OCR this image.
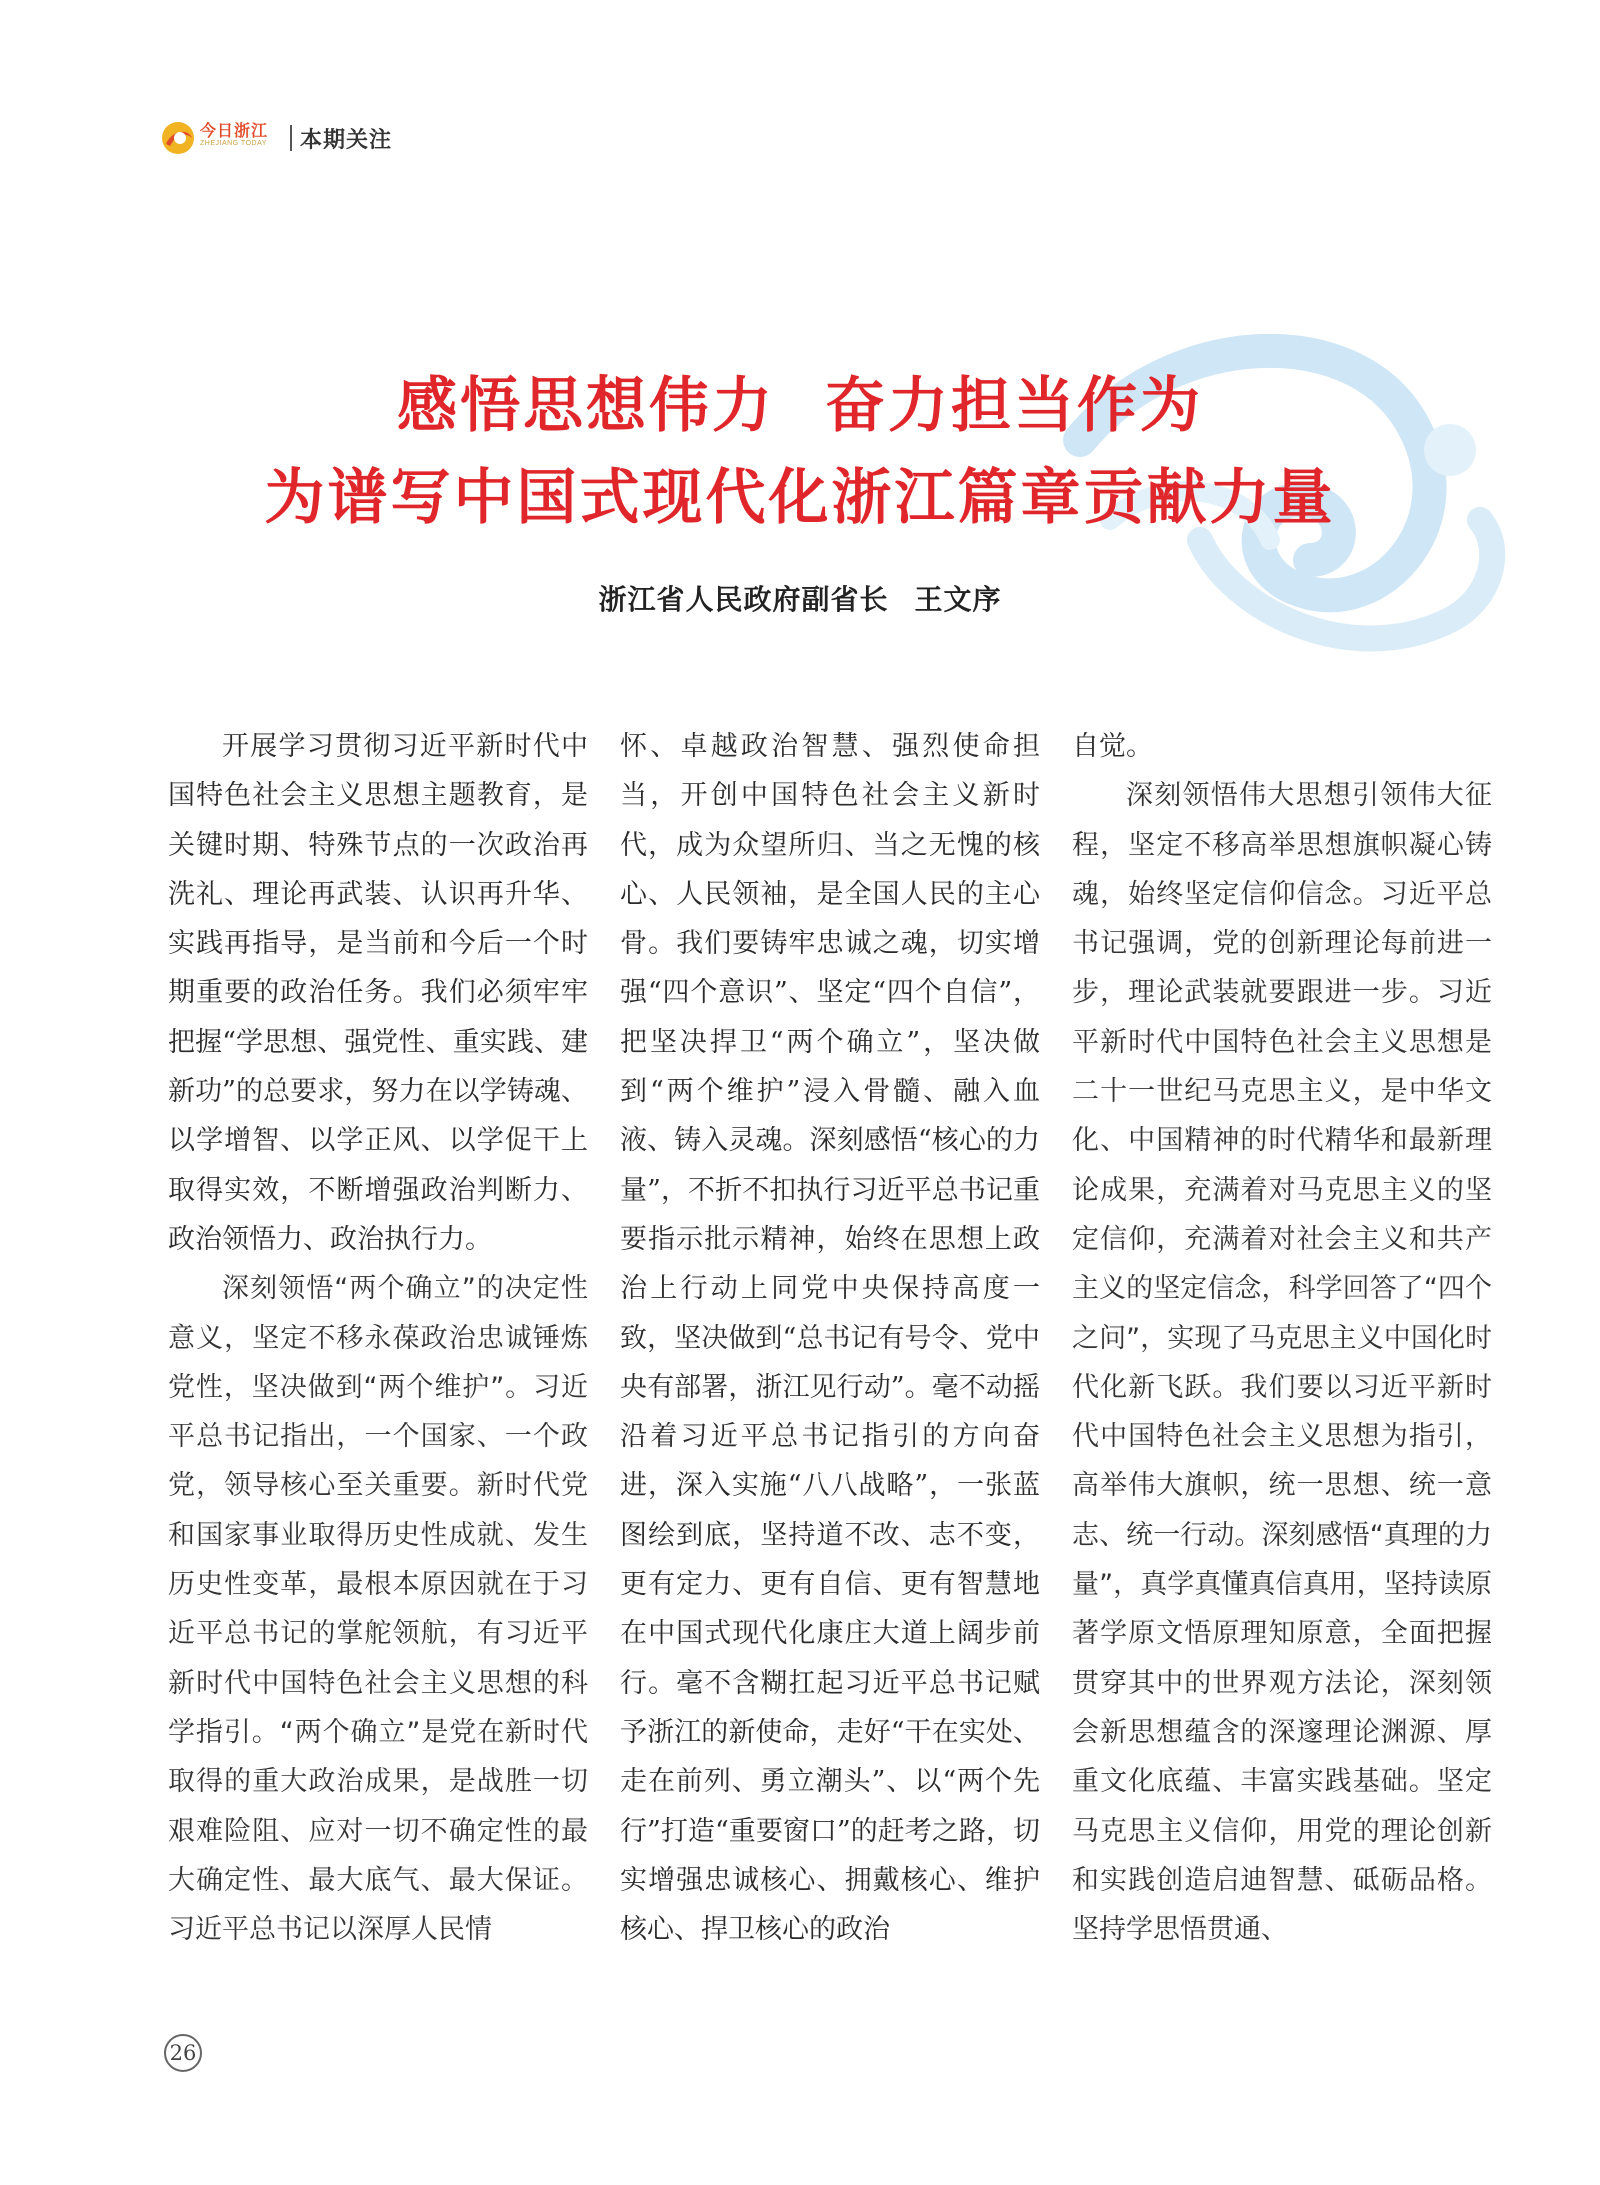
今日浙江
ZHEJIANG TODAY 本期关注
感悟思想伟力 奋力担当作为
为谱写中国式现代化浙江篇章贡献力量
浙江省人民政府副省长 王文序

开展学习贯彻习近平新时代中国特色社会主义思想主题教育，是关键时期、特殊节点的一次政治再洗礼、理论再武装、认识再升华、实践再指导，是当前和今后一个时期重要的政治任务。我们必须牢牢把握“学思想、强党性、重实践、建新功”的总要求，努力在以学铸魂、以学增智、以学正风、以学促干上取得实效，不断增强政治判断力、政治领悟力、政治执行力。

深刻领悟“两个确立”的决定性意义，坚定不移永葆政治忠诚锤炼党性，坚决做到“两个维护”。习近平总书记指出，一个国家、一个政党，领导核心至关重要。新时代党和国家事业取得历史性成就、发生历史性变革，最根本原因就在于习近平总书记的掌舵领航，有习近平新时代中国特色社会主义思想的科学指引。“两个确立”是党在新时代取得的重大政治成果，是战胜一切艰难险阻、应对一切不确定性的最大确定性、最大底气、最大保证。习近平总书记以深厚人民情

怀、卓越政治智慧、强烈使命担当，开创中国特色社会主义新时代，成为众望所归、当之无愧的核心、人民领袖，是全国人民的主心骨。我们要铸牢忠诚之魂，切实增强“四个意识”、坚定“四个自信”，把坚决捍卫“两个确立”，坚决做到“两个维护”浸入骨髓、融入血液、铸入灵魂。深刻感悟“核心的力量”，不折不扣执行习近平总书记重要指示批示精神，始终在思想上政治上行动上同党中央保持高度一致，坚决做到“总书记有号令、党中央有部署，浙江见行动”。毫不动摇沿着习近平总书记指引的方向奋进，深入实施“八八战略”，一张蓝图绘到底，坚持道不改、志不变，更有定力、更有自信、更有智慧地在中国式现代化康庄大道上阔步前行。毫不含糊扛起习近平总书记赋予浙江的新使命，走好“干在实处、走在前列、勇立潮头”、以“两个先行”打造“重要窗口”的赶考之路，切实增强忠诚核心、拥戴核心、维护核心、捍卫核心的政治

自觉。

深刻领悟伟大思想引领伟大征程，坚定不移高举思想旗帜凝心铸魂，始终坚定信仰信念。习近平总书记强调，党的创新理论每前进一步，理论武装就要跟进一步。习近平新时代中国特色社会主义思想是二十一世纪马克思主义，是中华文化、中国精神的时代精华和最新理论成果，充满着对马克思主义的坚定信仰，充满着对社会主义和共产主义的坚定信念，科学回答了“四个之问”，实现了马克思主义中国化时代化新飞跃。我们要以习近平新时代中国特色社会主义思想为指引，高举伟大旗帜，统一思想、统一意志、统一行动。深刻感悟“真理的力量”，真学真懂真信真用，坚持读原著学原文悟原理知原意，全面把握贯穿其中的世界观方法论，深刻领会新思想蕴含的深邃理论渊源、厚重文化底蕴、丰富实践基础。坚定马克思主义信仰，用党的理论创新和实践创造启迪智慧、砥砺品格。坚持学思悟贯通、

26
